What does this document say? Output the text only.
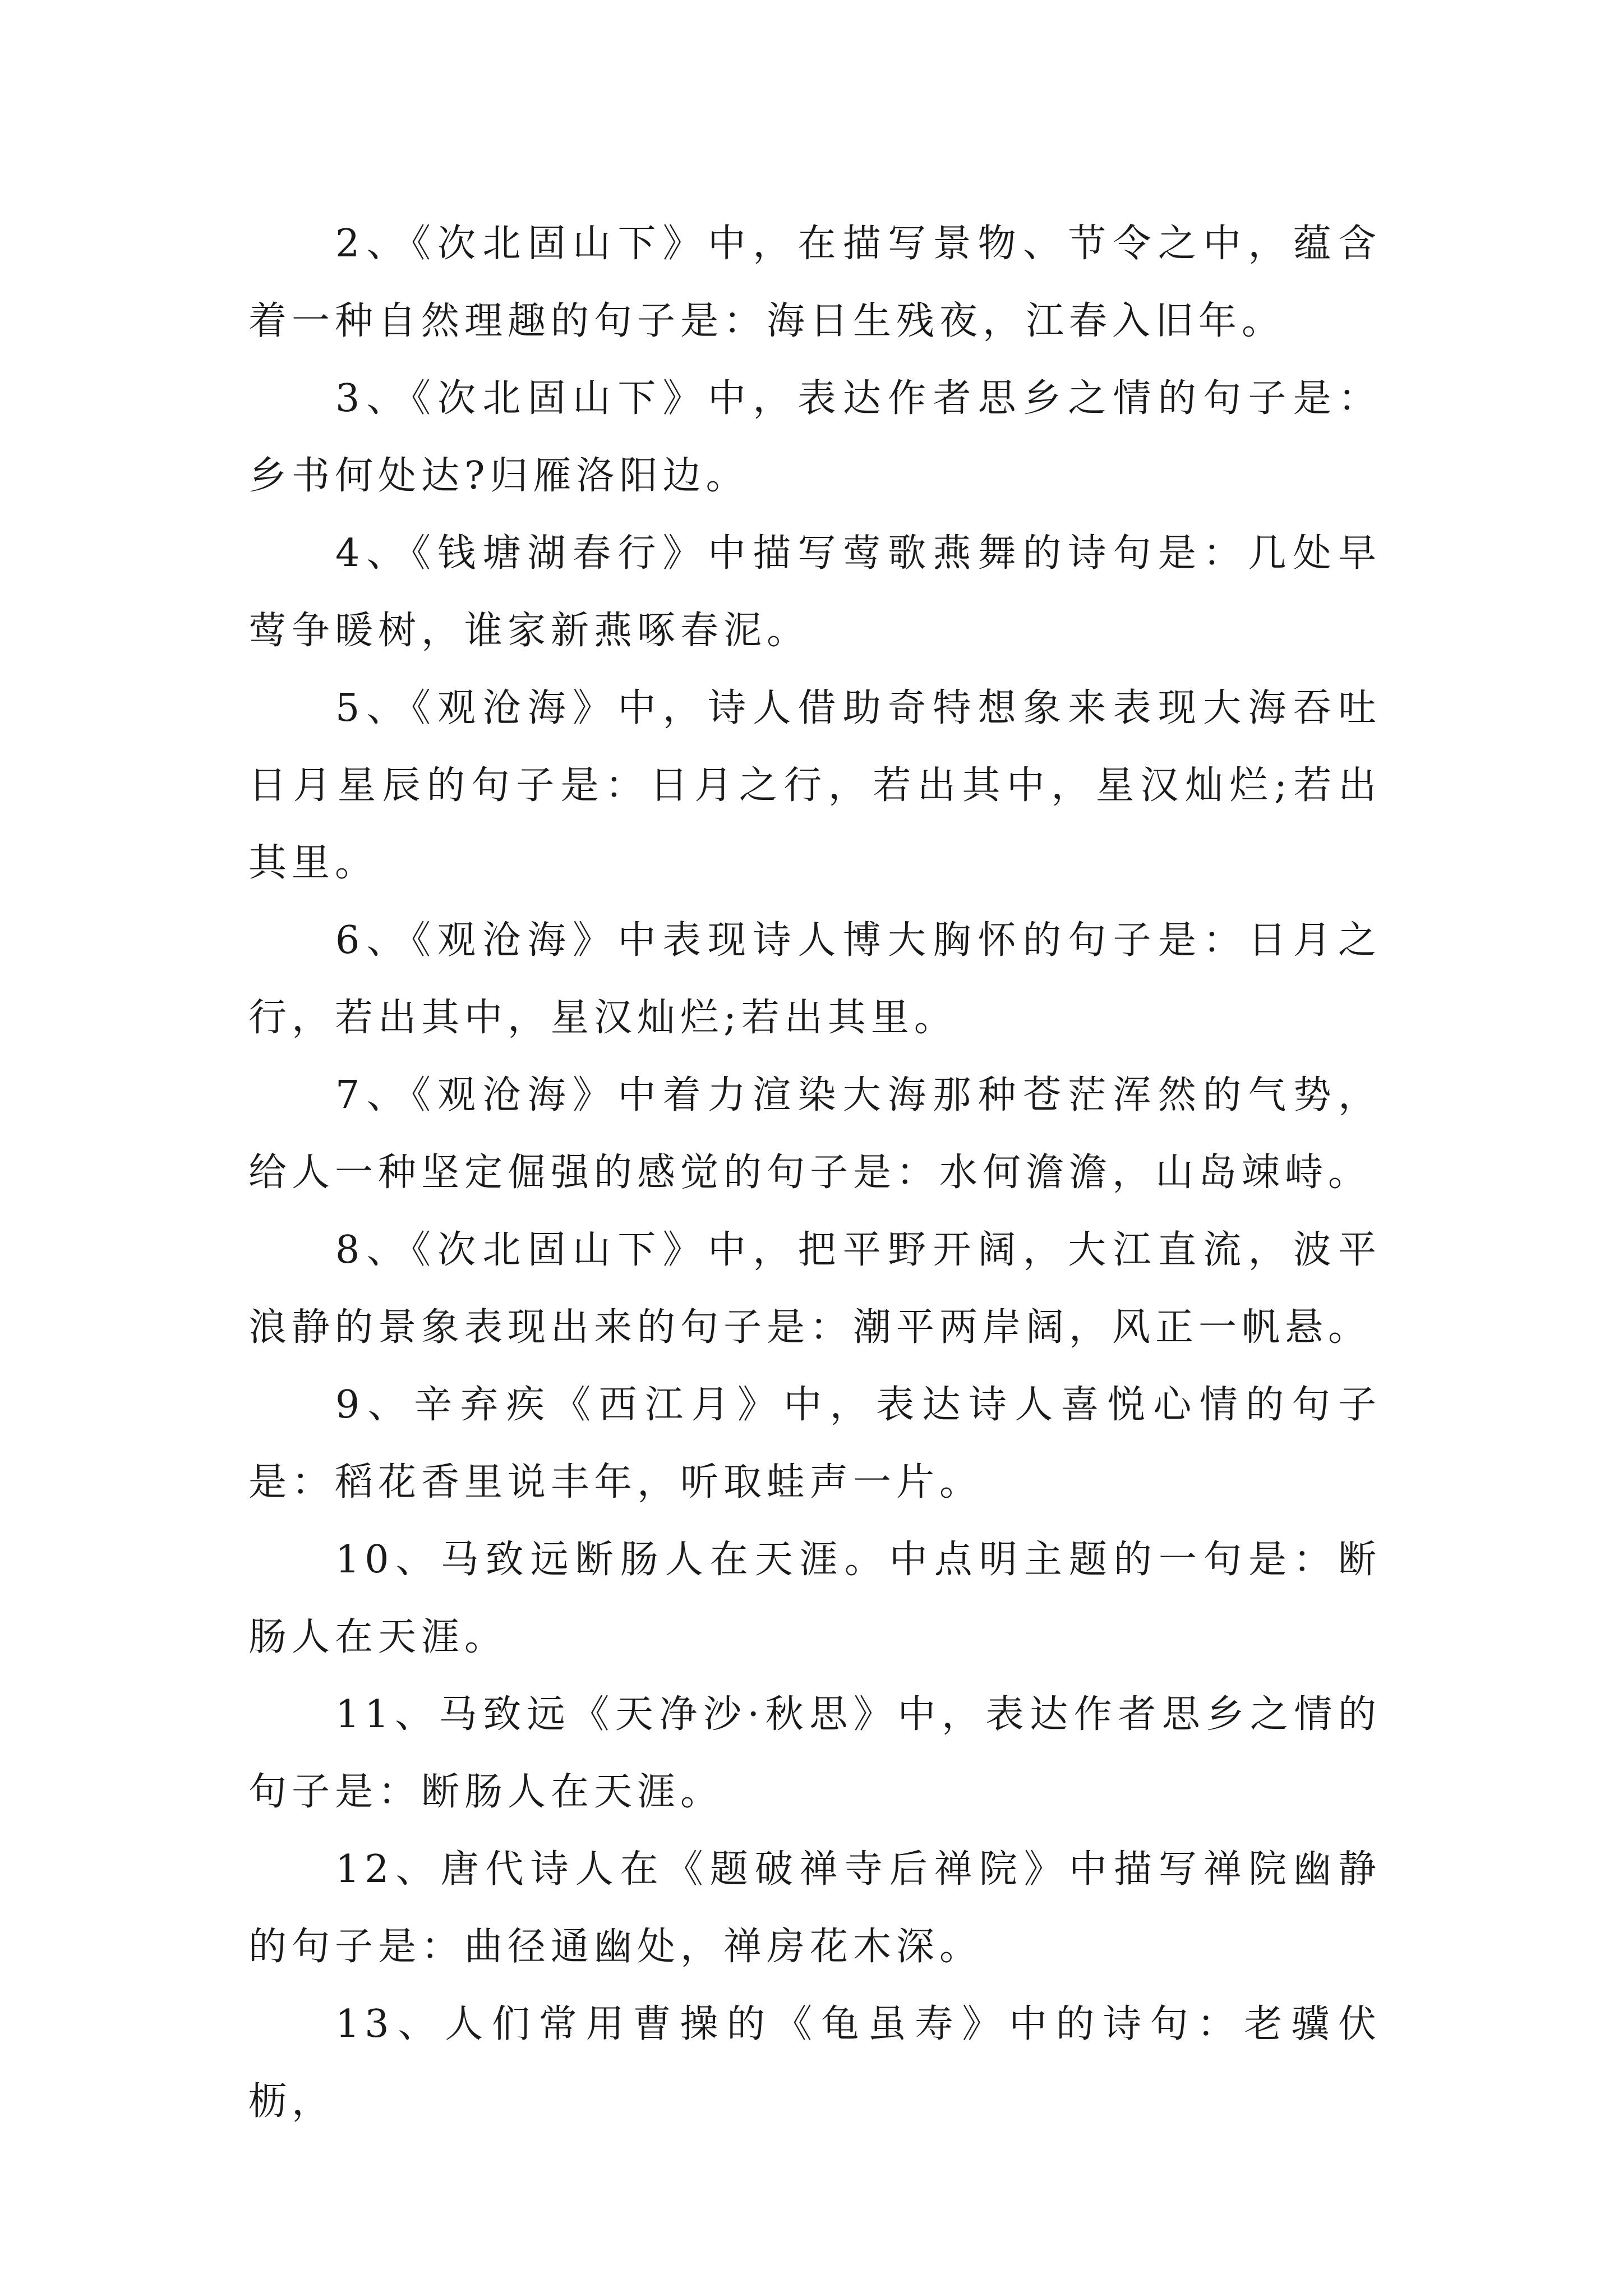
2、《次北固山下》中，在描写景物、节令之中，蕴含着一种自然理趣的句子是：海日生残夜，江春入旧年。

3、《次北固山下》中，表达作者思乡之情的句子是：乡书何处达?归雁洛阳边。

4、《钱塘湖春行》中描写莺歌燕舞的诗句是：几处早莺争暖树，谁家新燕啄春泥。

5、《观沧海》中，诗人借助奇特想象来表现大海吞吐日月星辰的句子是：日月之行，若出其中，星汉灿烂;若出其里。

6、《观沧海》中表现诗人博大胸怀的句子是：日月之行，若出其中，星汉灿烂;若出其里。

7、《观沧海》中着力渲染大海那种苍茫浑然的气势，给人一种坚定倔强的感觉的句子是：水何澹澹，山岛竦峙。

8、《次北固山下》中，把平野开阔，大江直流，波平浪静的景象表现出来的句子是：潮平两岸阔，风正一帆悬。

9、辛弃疾《西江月》中，表达诗人喜悦心情的句子是：稻花香里说丰年，听取蛙声一片。

10、马致远断肠人在天涯。中点明主题的一句是：断肠人在天涯。

11、马致远《天净沙·秋思》中，表达作者思乡之情的句子是：断肠人在天涯。

12、唐代诗人在《题破禅寺后禅院》中描写禅院幽静的句子是：曲径通幽处，禅房花木深。

13、人们常用曹操的《龟虽寿》中的诗句：老骥伏枥，
